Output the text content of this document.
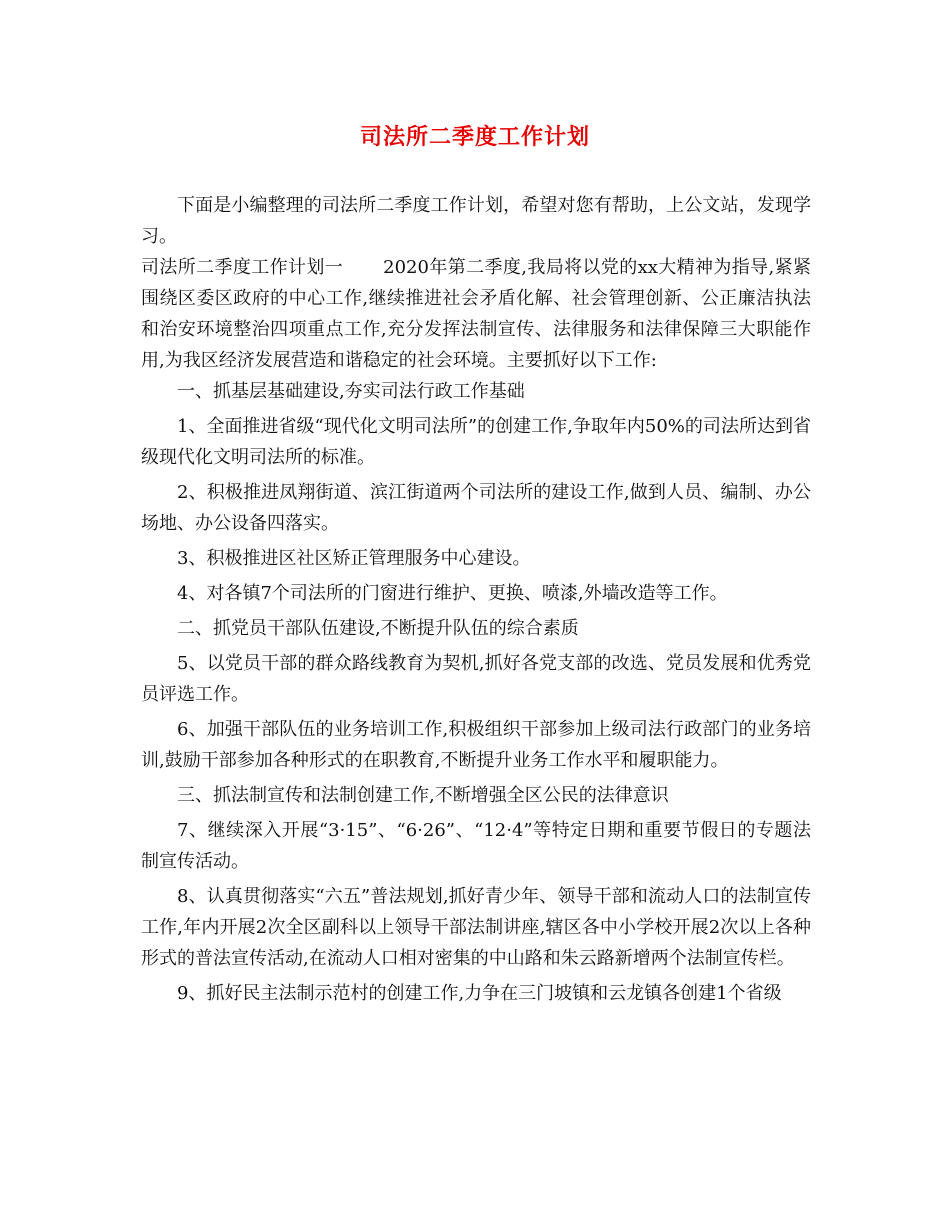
司法所二季度工作计划

下面是小编整理的司法所二季度工作计划，希望对您有帮助，上公文站，发现学习。

司法所二季度工作计划一 2020年第二季度,我局将以党的xx大精神为指导,紧紧围绕区委区政府的中心工作,继续推进社会矛盾化解、社会管理创新、公正廉洁执法和治安环境整治四项重点工作,充分发挥法制宣传、法律服务和法律保障三大职能作用,为我区经济发展营造和谐稳定的社会环境。主要抓好以下工作:

一、抓基层基础建设,夯实司法行政工作基础

1、全面推进省级“现代化文明司法所”的创建工作,争取年内50%的司法所达到省级现代化文明司法所的标准。

2、积极推进凤翔街道、滨江街道两个司法所的建设工作,做到人员、编制、办公场地、办公设备四落实。

3、积极推进区社区矫正管理服务中心建设。

4、对各镇7个司法所的门窗进行维护、更换、喷漆,外墙改造等工作。

二、抓党员干部队伍建设,不断提升队伍的综合素质

5、以党员干部的群众路线教育为契机,抓好各党支部的改选、党员发展和优秀党员评选工作。

6、加强干部队伍的业务培训工作,积极组织干部参加上级司法行政部门的业务培训,鼓励干部参加各种形式的在职教育,不断提升业务工作水平和履职能力。

三、抓法制宣传和法制创建工作,不断增强全区公民的法律意识

7、继续深入开展“3·15”、“6·26”、“12·4”等特定日期和重要节假日的专题法制宣传活动。

8、认真贯彻落实“六五”普法规划,抓好青少年、领导干部和流动人口的法制宣传工作,年内开展2次全区副科以上领导干部法制讲座,辖区各中小学校开展2次以上各种形式的普法宣传活动,在流动人口相对密集的中山路和朱云路新增两个法制宣传栏。

9、抓好民主法制示范村的创建工作,力争在三门坡镇和云龙镇各创建1个省级
